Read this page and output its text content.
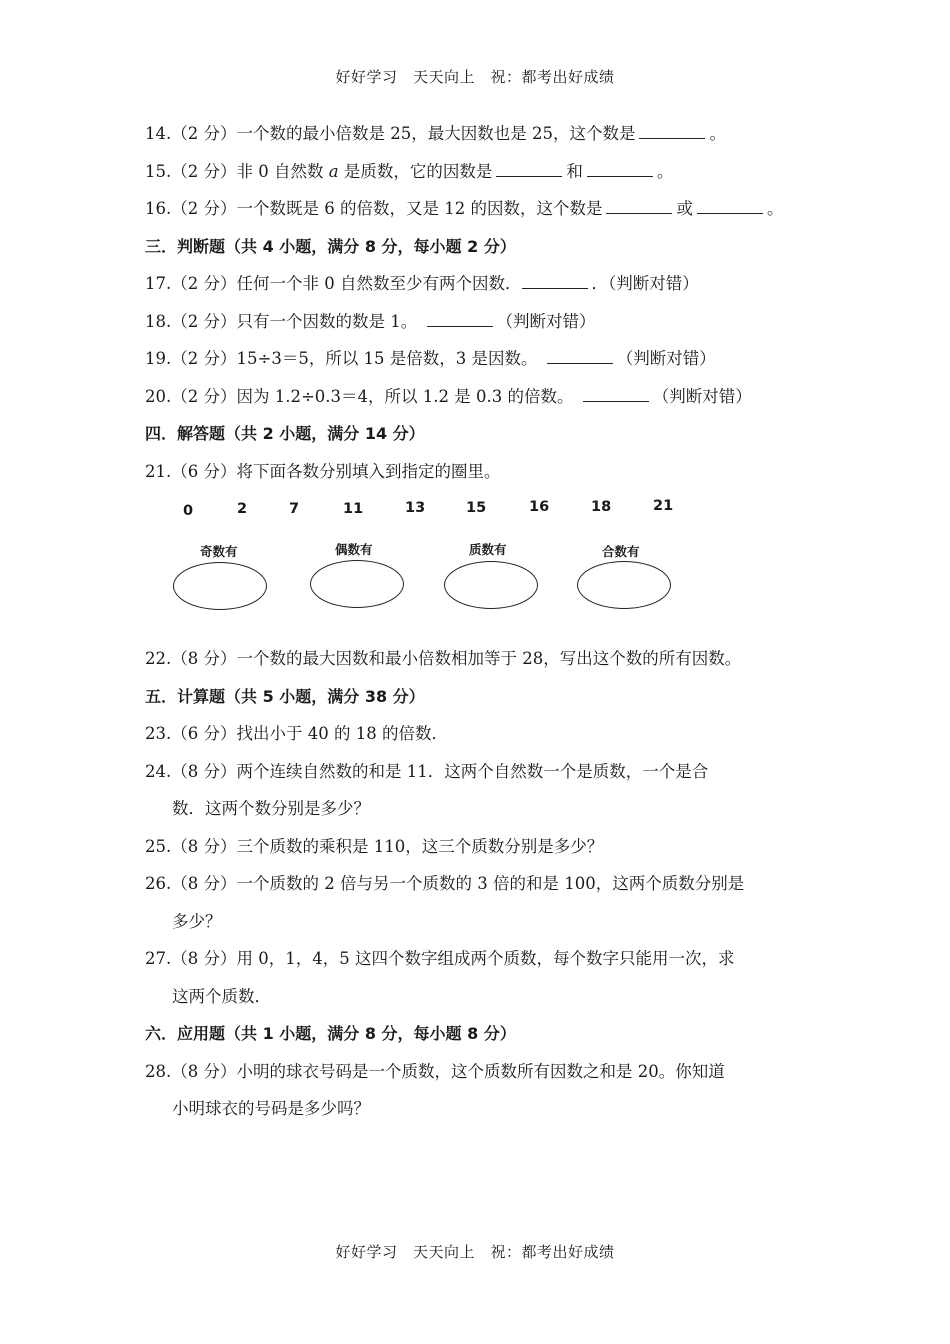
好好学习　天天向上　祝：都考出好成绩
14.（2 分）一个数的最小倍数是 25，最大因数也是 25，这个数是	。
15.（2 分）非 0 自然数 a 是质数，它的因数是	和	。
16.（2 分）一个数既是 6 的倍数，又是 12 的因数，这个数是	或	。
三．判断题（共 4 小题，满分 8 分，每小题 2 分）
17.（2 分）任何一个非 0 自然数至少有两个因数．	．（判断对错）
18.（2 分）只有一个因数的数是 1。	（判断对错）
19.（2 分）15÷3＝5，所以 15 是倍数，3 是因数。	（判断对错）
20.（2 分）因为 1.2÷0.3＝4，所以 1.2 是 0.3 的倍数。	（判断对错）
四．解答题（共 2 小题，满分 14 分）
21.（6 分）将下面各数分别填入到指定的圈里。
0	2	7	11	13	15	16	18	21
奇数有	偶数有	质数有	合数有
22.（8 分）一个数的最大因数和最小倍数相加等于 28，写出这个数的所有因数。
五．计算题（共 5 小题，满分 38 分）
23.（6 分）找出小于 40 的 18 的倍数．
24.（8 分）两个连续自然数的和是 11．这两个自然数一个是质数，一个是合
数．这两个数分别是多少？
25.（8 分）三个质数的乘积是 110，这三个质数分别是多少？
26.（8 分）一个质数的 2 倍与另一个质数的 3 倍的和是 100，这两个质数分别是
多少？
27.（8 分）用 0，1，4，5 这四个数字组成两个质数，每个数字只能用一次，求
这两个质数．
六．应用题（共 1 小题，满分 8 分，每小题 8 分）
28.（8 分）小明的球衣号码是一个质数，这个质数所有因数之和是 20。你知道
小明球衣的号码是多少吗？
好好学习　天天向上　祝：都考出好成绩
